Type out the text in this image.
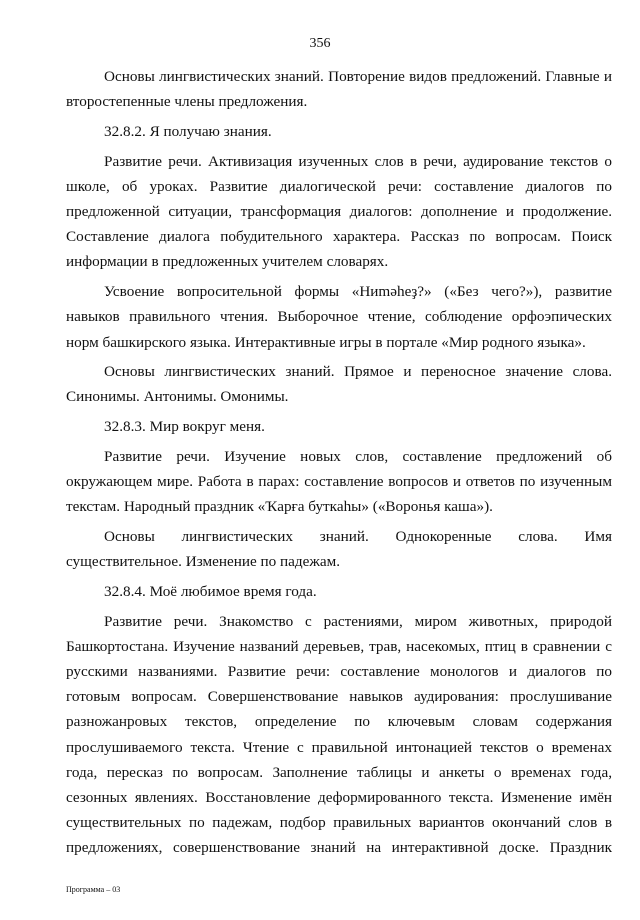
356

Основы лингвистических знаний. Повторение видов предложений. Главные и второстепенные члены предложения.

32.8.2. Я получаю знания.

Развитие речи. Активизация изученных слов в речи, аудирование текстов о школе, об уроках. Развитие диалогической речи: составление диалогов по предложенной ситуации, трансформация диалогов: дополнение и продолжение. Составление диалога побудительного характера. Рассказ по вопросам. Поиск информации в предложенных учителем словарях.

Усвоение вопросительной формы «Ниmәһеҙ?» («Без чего?»), развитие навыков правильного чтения. Выборочное чтение, соблюдение орфоэпических норм башкирского языка. Интерактивные игры в портале «Мир родного языка».

Основы лингвистических знаний. Прямое и переносное значение слова. Синонимы. Антонимы. Омонимы.

32.8.3. Мир вокруг меня.

Развитие речи. Изучение новых слов, составление предложений об окружающем мире. Работа в парах: составление вопросов и ответов по изученным текстам. Народный праздник «Ҡарға буткаһы» («Воронья каша»).

Основы лингвистических знаний. Однокоренные слова. Имя существительное. Изменение по падежам.

32.8.4. Моё любимое время года.

Развитие речи. Знакомство с растениями, миром животных, природой Башкортостана. Изучение названий деревьев, трав, насекомых, птиц в сравнении с русскими названиями. Развитие речи: составление монологов и диалогов по готовым вопросам. Совершенствование навыков аудирования: прослушивание разножанровых текстов, определение по ключевым словам содержания прослушиваемого текста. Чтение с правильной интонацией текстов о временах года, пересказ по вопросам. Заполнение таблицы и анкеты о временах года, сезонных явлениях. Восстановление деформированного текста. Изменение имён существительных по падежам, подбор правильных вариантов окончаний слов в предложениях, совершенствование знаний на интерактивной доске. Праздник

Программа – 03
